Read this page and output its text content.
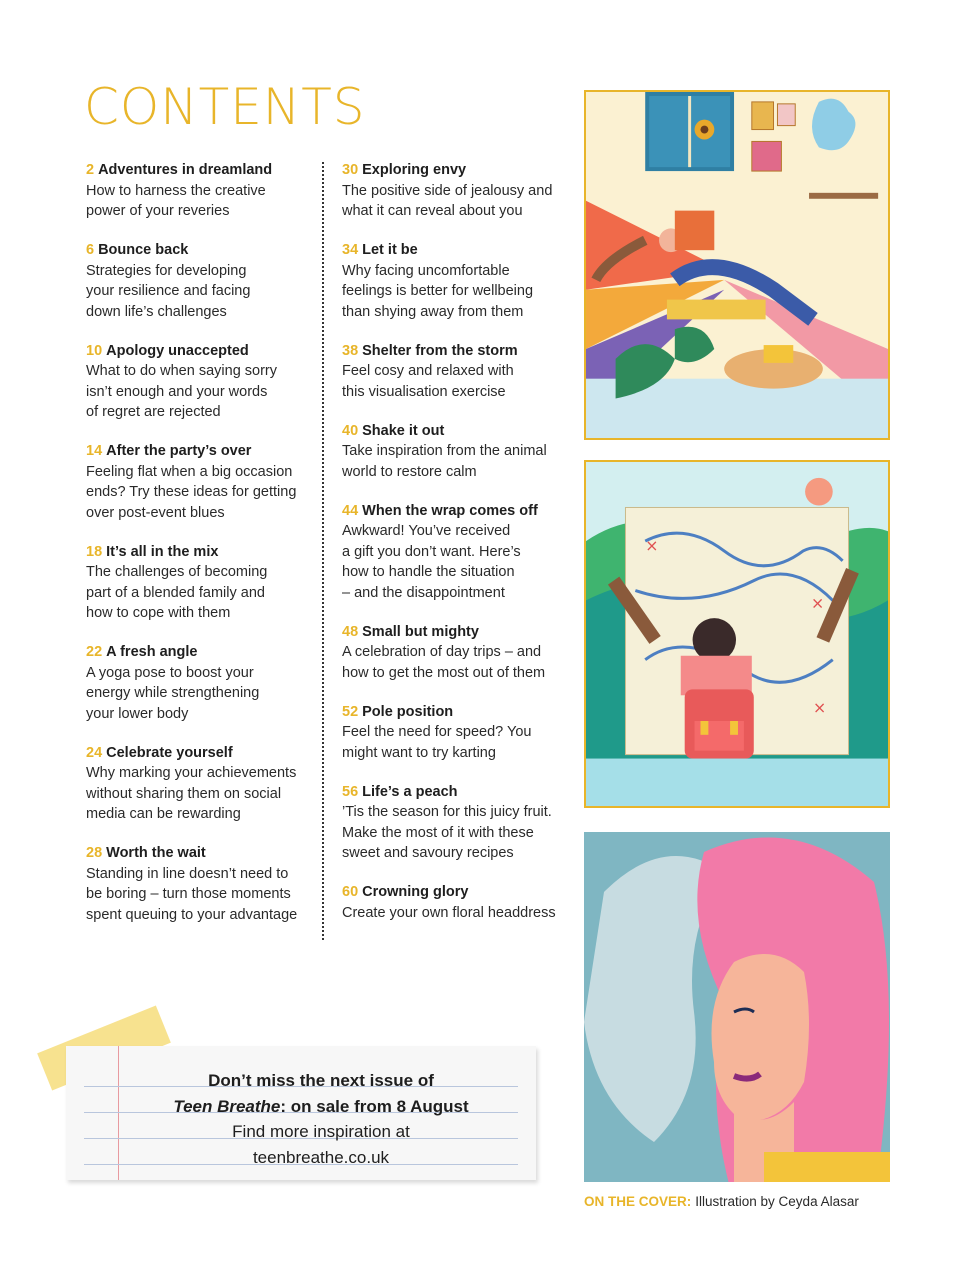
CONTENTS
2 Adventures in dreamland
How to harness the creative
power of your reveries
6 Bounce back
Strategies for developing
your resilience and facing
down life’s challenges
10 Apology unaccepted
What to do when saying sorry
isn’t enough and your words
of regret are rejected
14 After the party’s over
Feeling flat when a big occasion
ends? Try these ideas for getting
over post-event blues
18 It’s all in the mix
The challenges of becoming
part of a blended family and
how to cope with them
22 A fresh angle
A yoga pose to boost your
energy while strengthening
your lower body
24 Celebrate yourself
Why marking your achievements
without sharing them on social
media can be rewarding
28 Worth the wait
Standing in line doesn’t need to
be boring – turn those moments
spent queuing to your advantage
30 Exploring envy
The positive side of jealousy and
what it can reveal about you
34 Let it be
Why facing uncomfortable
feelings is better for wellbeing
than shying away from them
38 Shelter from the storm
Feel cosy and relaxed with
this visualisation exercise
40 Shake it out
Take inspiration from the animal
world to restore calm
44 When the wrap comes off
Awkward! You’ve received
a gift you don’t want. Here’s
how to handle the situation
– and the disappointment
48 Small but mighty
A celebration of day trips – and
how to get the most out of them
52 Pole position
Feel the need for speed? You
might want to try karting
56 Life’s a peach
’Tis the season for this juicy fruit.
Make the most of it with these
sweet and savoury recipes
60 Crowning glory
Create your own floral headdress
×
×
×
ON THE COVER: Illustration by Ceyda Alasar
Don’t miss the next issue of
Teen Breathe: on sale from 8 August
Find more inspiration at
teenbreathe.co.uk
